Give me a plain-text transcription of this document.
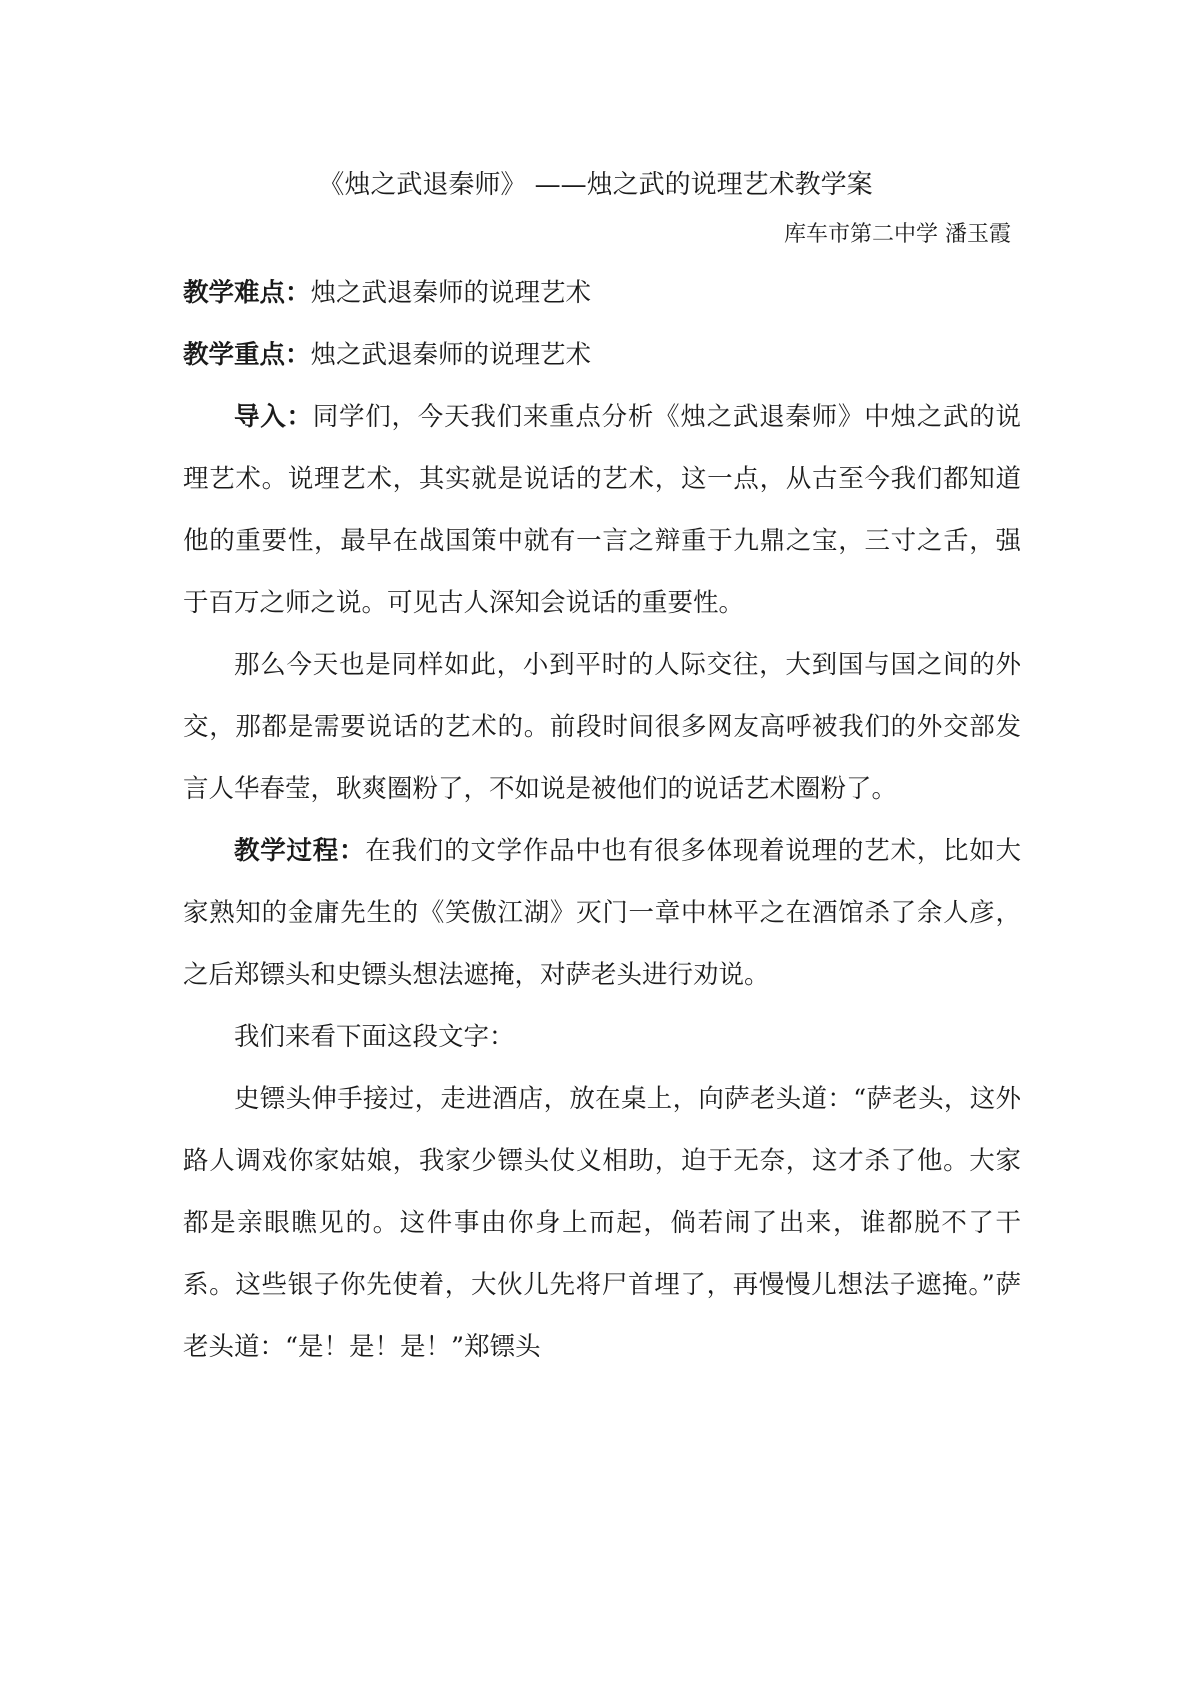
《烛之武退秦师》 ——烛之武的说理艺术教学案
库车市第二中学 潘玉霞

教学难点：烛之武退秦师的说理艺术

教学重点：烛之武退秦师的说理艺术

导入：同学们，今天我们来重点分析《烛之武退秦师》中烛之武的说理艺术。说理艺术，其实就是说话的艺术，这一点，从古至今我们都知道他的重要性，最早在战国策中就有一言之辩重于九鼎之宝，三寸之舌，强于百万之师之说。可见古人深知会说话的重要性。

那么今天也是同样如此，小到平时的人际交往，大到国与国之间的外交，那都是需要说话的艺术的。前段时间很多网友高呼被我们的外交部发言人华春莹，耿爽圈粉了，不如说是被他们的说话艺术圈粉了。

教学过程：在我们的文学作品中也有很多体现着说理的艺术，比如大家熟知的金庸先生的《笑傲江湖》灭门一章中林平之在酒馆杀了余人彦，之后郑镖头和史镖头想法遮掩，对萨老头进行劝说。

我们来看下面这段文字：

史镖头伸手接过，走进酒店，放在桌上，向萨老头道：“萨老头，这外路人调戏你家姑娘，我家少镖头仗义相助，迫于无奈，这才杀了他。大家都是亲眼瞧见的。这件事由你身上而起，倘若闹了出来，谁都脱不了干系。这些银子你先使着，大伙儿先将尸首埋了，再慢慢儿想法子遮掩。”萨老头道：“是！是！是！”郑镖头
